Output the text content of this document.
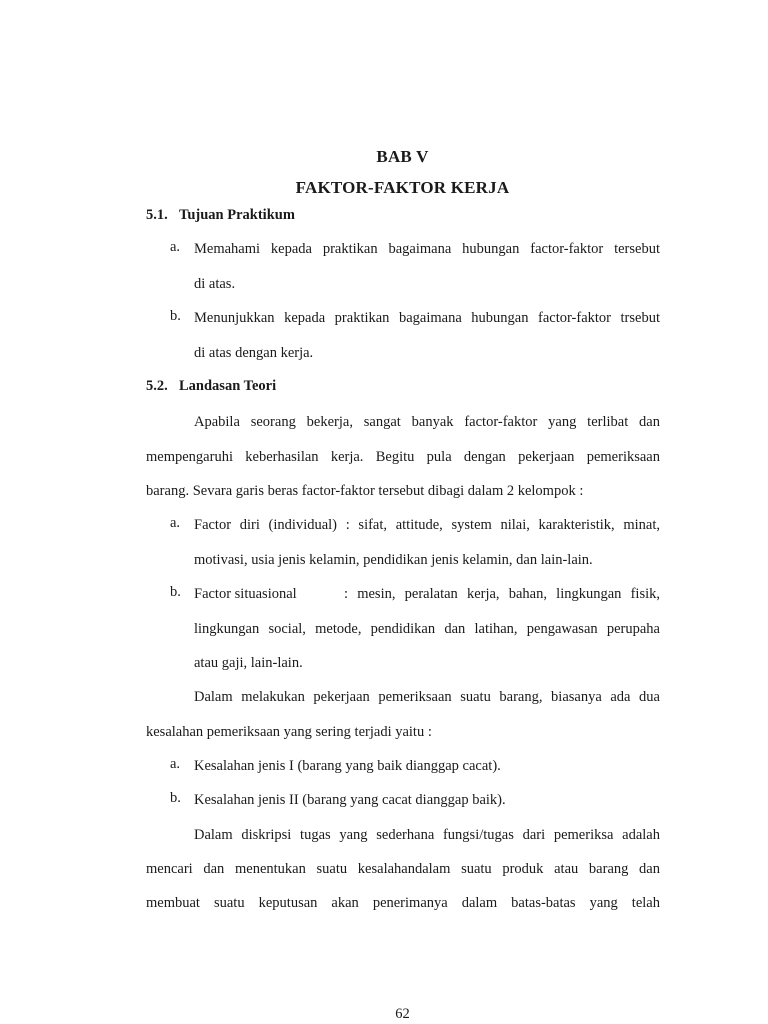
BAB V
FAKTOR-FAKTOR KERJA
5.1. Tujuan Praktikum
a. Memahami kepada praktikan bagaimana hubungan factor-faktor tersebut
di atas.
b. Menunjukkan kepada praktikan bagaimana hubungan factor-faktor trsebut
di atas dengan kerja.
5.2. Landasan Teori
Apabila seorang bekerja, sangat banyak factor-faktor yang terlibat dan
mempengaruhi keberhasilan kerja. Begitu pula dengan pekerjaan pemeriksaan
barang. Sevara garis beras factor-faktor tersebut dibagi dalam 2 kelompok :
a. Factor diri (individual) : sifat, attitude, system nilai, karakteristik, minat,
motivasi, usia jenis kelamin, pendidikan jenis kelamin, dan lain-lain.
b. Factor situasional	: mesin, peralatan kerja, bahan, lingkungan fisik,
lingkungan social, metode, pendidikan dan latihan, pengawasan perupaha
atau gaji, lain-lain.
Dalam melakukan pekerjaan pemeriksaan suatu barang, biasanya ada dua
kesalahan pemeriksaan yang sering terjadi yaitu :
a. Kesalahan jenis I (barang yang baik dianggap cacat).
b. Kesalahan jenis II (barang yang cacat dianggap baik).
Dalam diskripsi tugas yang sederhana fungsi/tugas dari pemeriksa adalah
mencari dan menentukan suatu kesalahandalam suatu produk atau barang dan
membuat suatu keputusan akan penerimanya dalam batas-batas yang telah
62
